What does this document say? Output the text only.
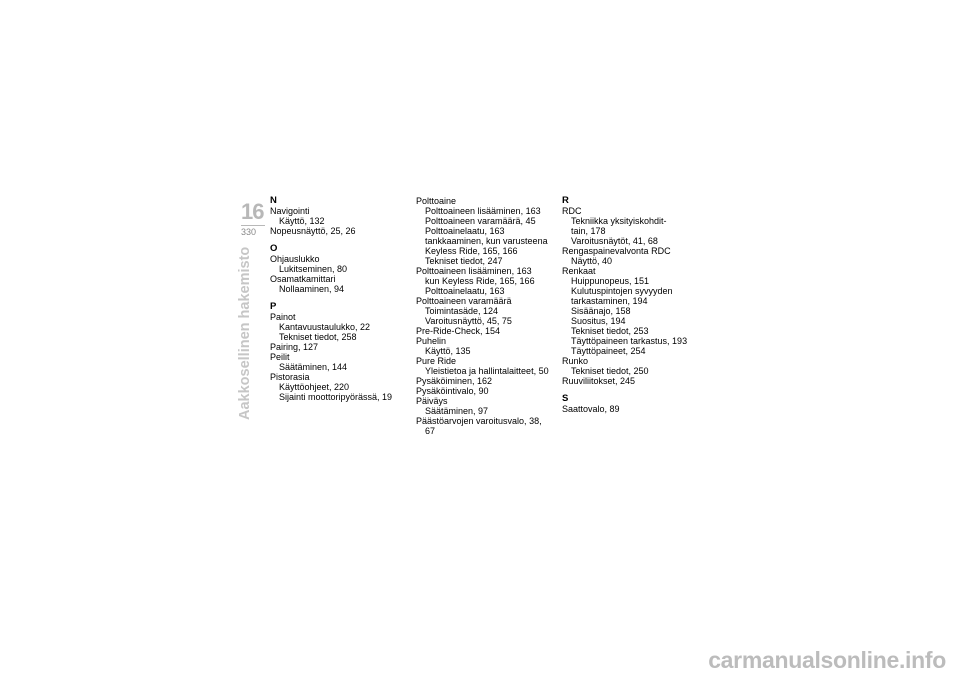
16
330
Aakkosellinen hakemisto
N
Navigointi
Käyttö, 132
Nopeusnäyttö, 25, 26
O
Ohjauslukko
Lukitseminen, 80
Osamatkamittari
Nollaaminen, 94
P
Painot
Kantavuustaulukko, 22
Tekniset tiedot, 258
Pairing, 127
Peilit
Säätäminen, 144
Pistorasia
Käyttöohjeet, 220
Sijainti moottoripyörässä, 19
Polttoaine
Polttoaineen lisääminen, 163
Polttoaineen varamäärä, 45
Polttoainelaatu, 163
tankkaaminen, kun varusteena
Keyless Ride, 165, 166
Tekniset tiedot, 247
Polttoaineen lisääminen, 163
kun Keyless Ride, 165, 166
Polttoainelaatu, 163
Polttoaineen varamäärä
Toimintasäde, 124
Varoitusnäyttö, 45, 75
Pre-Ride-Check, 154
Puhelin
Käyttö, 135
Pure Ride
Yleistietoa ja hallintalaitteet, 50
Pysäköiminen, 162
Pysäköintivalo, 90
Päiväys
Säätäminen, 97
Päästöarvojen varoitusvalo, 38,
67
R
RDC
Tekniikka yksityiskohdit-
tain, 178
Varoitusnäytöt, 41, 68
Rengaspainevalvonta RDC
Näyttö, 40
Renkaat
Huippunopeus, 151
Kulutuspintojen syvyyden
tarkastaminen, 194
Sisäänajo, 158
Suositus, 194
Tekniset tiedot, 253
Täyttöpaineen tarkastus, 193
Täyttöpaineet, 254
Runko
Tekniset tiedot, 250
Ruuviliitokset, 245
S
Saattovalo, 89
carmanualsonline.info
